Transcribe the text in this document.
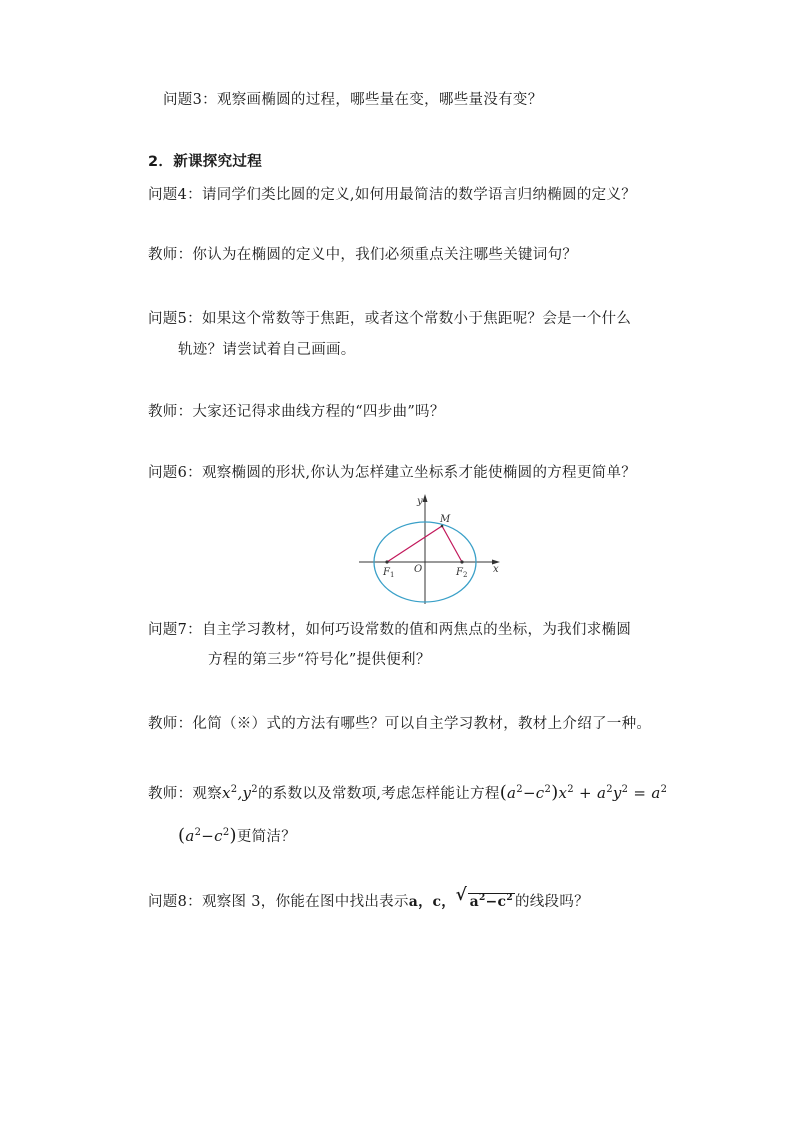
问题3：观察画椭圆的过程，哪些量在变，哪些量没有变？
2．新课探究过程
问题4：请同学们类比圆的定义,如何用最简洁的数学语言归纳椭圆的定义？
教师：你认为在椭圆的定义中，我们必须重点关注哪些关键词句？
问题5：如果这个常数等于焦距，或者这个常数小于焦距呢？会是一个什么
轨迹？请尝试着自己画画。
教师：大家还记得求曲线方程的“四步曲”吗？
问题6：观察椭圆的形状,你认为怎样建立坐标系才能使椭圆的方程更简单？
y
x
M
O
$F_1$	$F_2$
问题7：自主学习教材，如何巧设常数的值和两焦点的坐标，为我们求椭圆
方程的第三步“符号化”提供便利？
教师：化简（※）式的方法有哪些？可以自主学习教材，教材上介绍了一种。
教师：观察$x^2,y^2$的系数以及常数项,考虑怎样能让方程$(a^2-c^2)x^2 + a^2y^2 = a^2$
$(a^2-c^2)$更简洁？
问题8：观察图 3，你能在图中找出表示a，c， √ $a^2-c^2$ 的线段吗？
